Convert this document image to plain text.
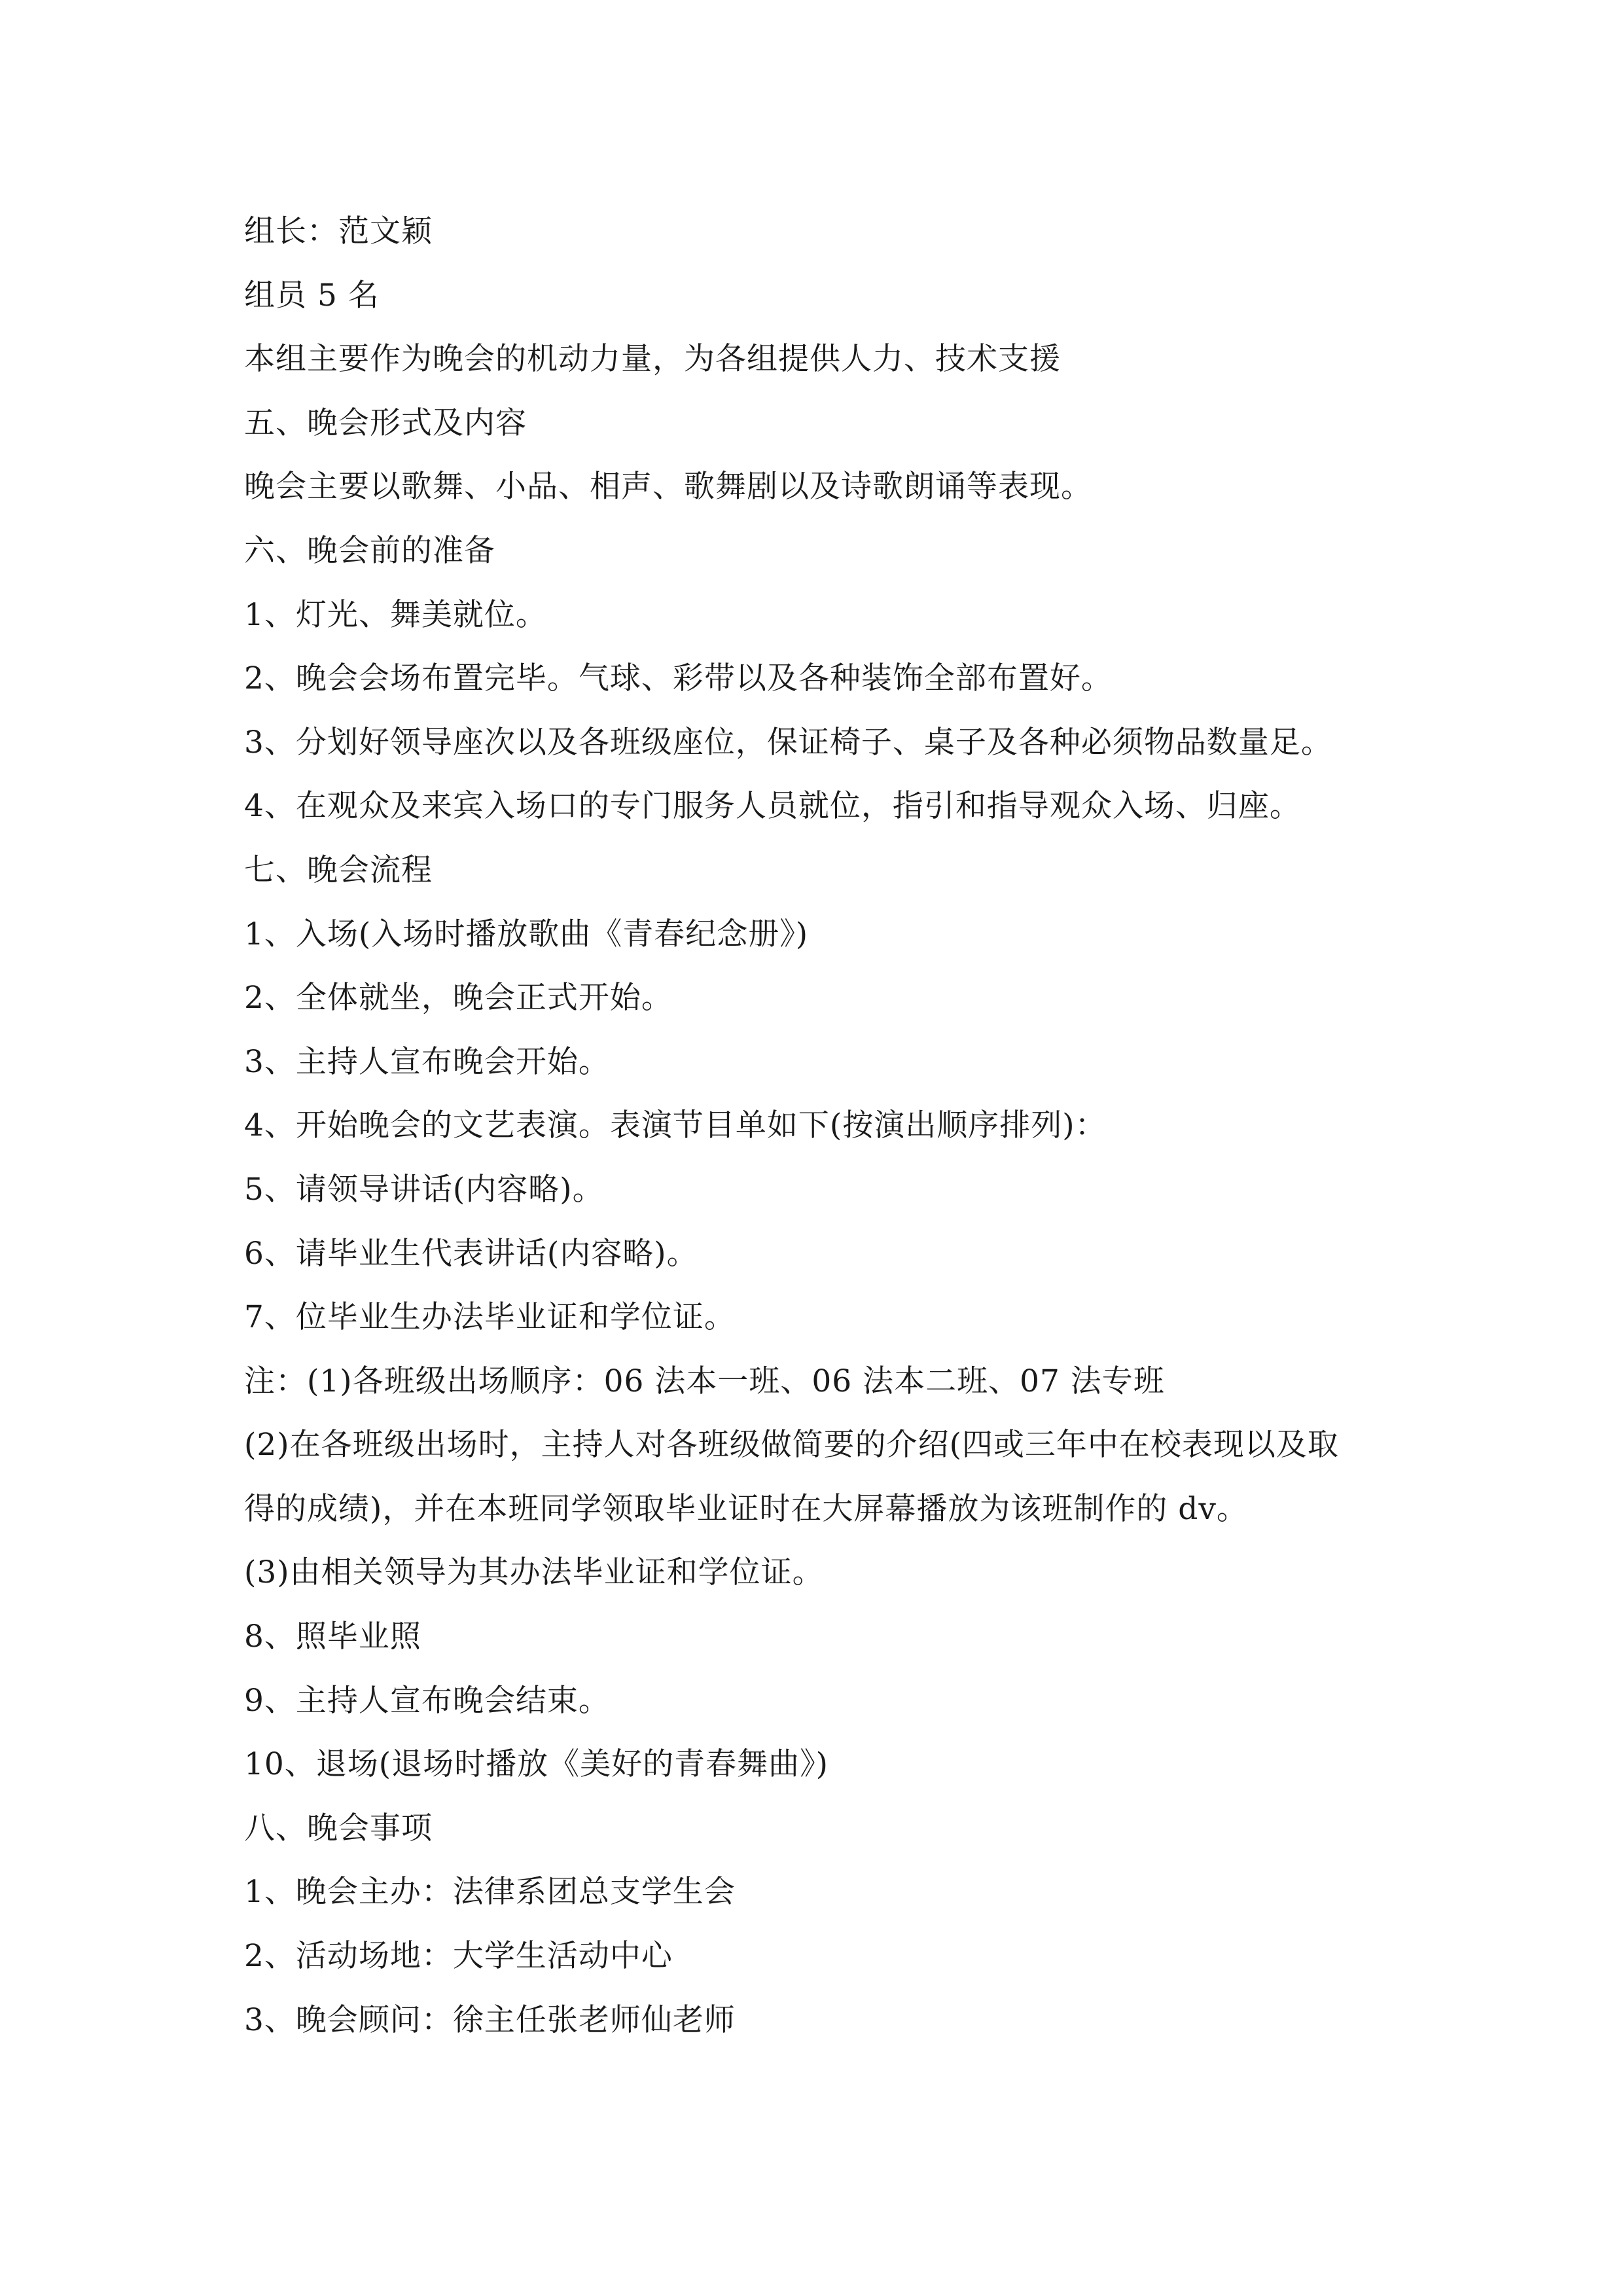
组长：范文颖
组员 5 名
本组主要作为晚会的机动力量，为各组提供人力、技术支援
五、晚会形式及内容
晚会主要以歌舞、小品、相声、歌舞剧以及诗歌朗诵等表现。
六、晚会前的准备
1、灯光、舞美就位。
2、晚会会场布置完毕。气球、彩带以及各种装饰全部布置好。
3、分划好领导座次以及各班级座位，保证椅子、桌子及各种必须物品数量足。
4、在观众及来宾入场口的专门服务人员就位，指引和指导观众入场、归座。
七、晚会流程
1、入场(入场时播放歌曲《青春纪念册》)
2、全体就坐，晚会正式开始。
3、主持人宣布晚会开始。
4、开始晚会的文艺表演。表演节目单如下(按演出顺序排列)：
5、请领导讲话(内容略)。
6、请毕业生代表讲话(内容略)。
7、位毕业生办法毕业证和学位证。
注：(1)各班级出场顺序：06 法本一班、06 法本二班、07 法专班
(2)在各班级出场时，主持人对各班级做简要的介绍(四或三年中在校表现以及取
得的成绩)，并在本班同学领取毕业证时在大屏幕播放为该班制作的 dv。
(3)由相关领导为其办法毕业证和学位证。
8、照毕业照
9、主持人宣布晚会结束。
10、退场(退场时播放《美好的青春舞曲》)
八、晚会事项
1、晚会主办：法律系团总支学生会
2、活动场地：大学生活动中心
3、晚会顾问：徐主任张老师仙老师
